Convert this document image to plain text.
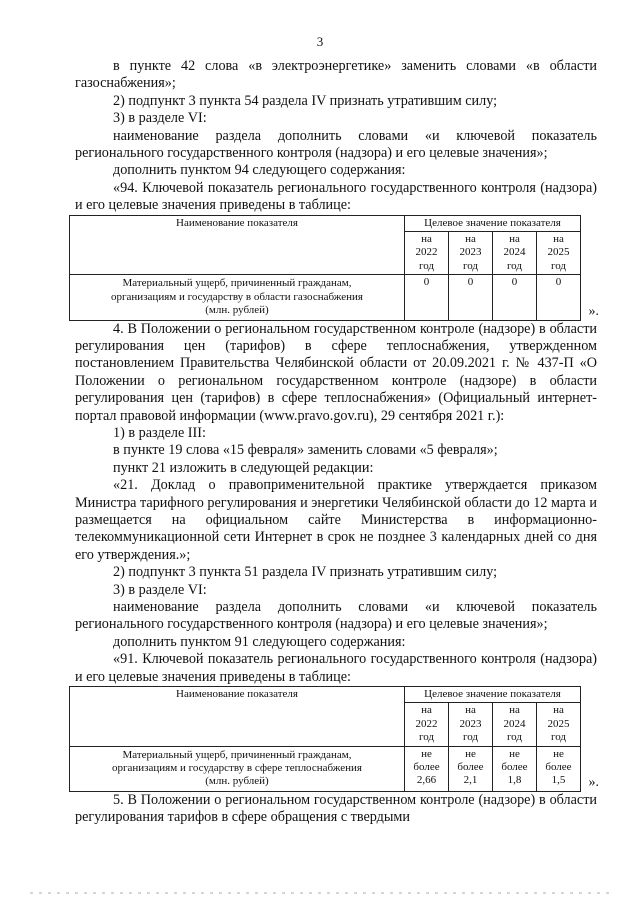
3

в пункте 42 слова «в электроэнергетике» заменить словами «в области газоснабжения»;

2) подпункт 3 пункта 54 раздела IV признать утратившим силу;

3) в разделе VI:

наименование раздела дополнить словами «и ключевой показатель регионального государственного контроля (надзора) и его целевые значения»;

дополнить пунктом 94 следующего содержания:

«94. Ключевой показатель регионального государственного контроля (надзора) и его целевые значения приведены в таблице:

Наименование показателя	Целевое значение показателя			

	на
2022
год	на
2023
год	на
2024
год	на
2025
год

Материальный ущерб, причиненный гражданам, организациям и государству в области газоснабжения (млн. рублей)	0	0	0	0
».

4. В Положении о региональном государственном контроле (надзоре) в области регулирования цен (тарифов) в сфере теплоснабжения, утвержденном постановлением Правительства Челябинской области от 20.09.2021 г. № 437-П «О Положении о региональном государственном контроле (надзоре) в области регулирования цен (тарифов) в сфере теплоснабжения» (Официальный интернет-портал правовой информации (www.pravo.gov.ru), 29 сентября 2021 г.):

1) в разделе III:

в пункте 19 слова «15 февраля» заменить словами «5 февраля»;

пункт 21 изложить в следующей редакции:

«21. Доклад о правоприменительной практике утверждается приказом Министра тарифного регулирования и энергетики Челябинской области до 12 марта и размещается на официальном сайте Министерства в информационно-телекоммуникационной сети Интернет в срок не позднее 3 календарных дней со дня его утверждения.»;

2) подпункт 3 пункта 51 раздела IV признать утратившим силу;

3) в разделе VI:

наименование раздела дополнить словами «и ключевой показатель регионального государственного контроля (надзора) и его целевые значения»;

дополнить пунктом 91 следующего содержания:

«91. Ключевой показатель регионального государственного контроля (надзора) и его целевые значения приведены в таблице:

Наименование показателя	Целевое значение показателя			

	на
2022
год	на
2023
год	на
2024
год	на
2025
год

Материальный ущерб, причиненный гражданам, организациям и государству в сфере теплоснабжения (млн. рублей)	не
более
2,66	не
более
2,1	не
более
1,8	не
более
1,5	».

5. В Положении о региональном государственном контроле (надзоре) в области регулирования тарифов в сфере обращения с твердыми
